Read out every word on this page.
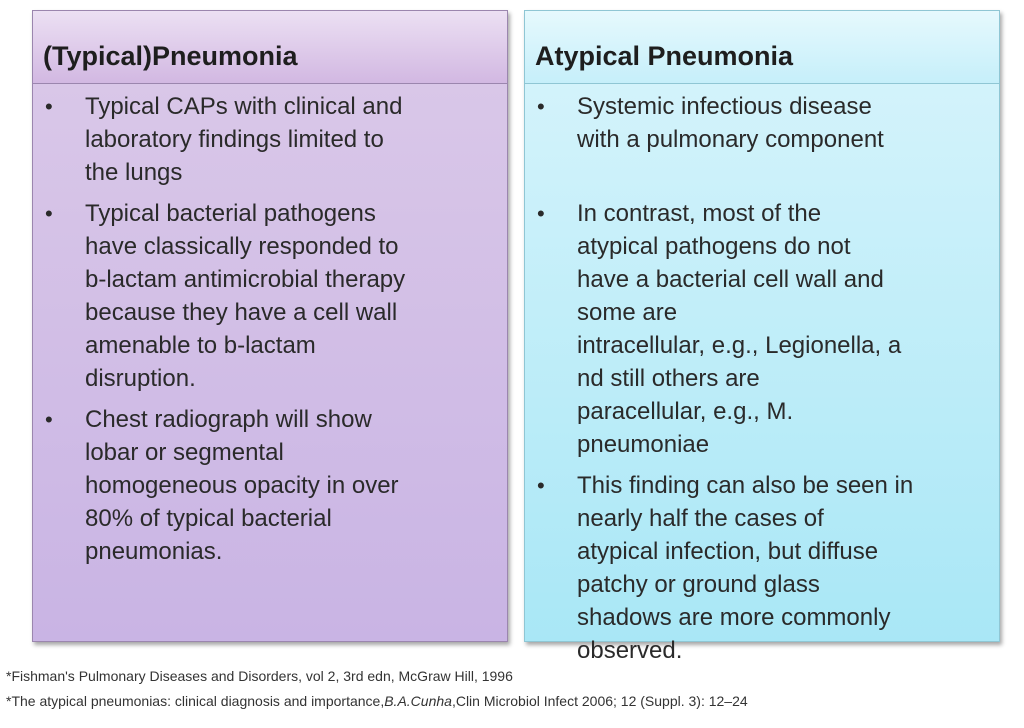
(Typical)Pneumonia
• Typical CAPs with clinical and
laboratory findings limited to
the lungs
• Typical bacterial pathogens
have classically responded to
b-lactam antimicrobial therapy
because they have a cell wall
amenable to b-lactam
disruption.
• Chest radiograph will show
lobar or segmental
homogeneous opacity in over
80% of typical bacterial
pneumonias.
Atypical Pneumonia
• Systemic infectious disease
with a pulmonary component

• In contrast, most of the
atypical pathogens do not
have a bacterial cell wall and
some are
intracellular, e.g., Legionella, a
nd still others are
paracellular, e.g., M.
pneumoniae
• This finding can also be seen in
nearly half the cases of
atypical infection, but diffuse
patchy or ground glass
shadows are more commonly
observed.
*Fishman's Pulmonary Diseases and Disorders, vol 2, 3rd edn, McGraw Hill, 1996
*The atypical pneumonias: clinical diagnosis and importance,B.A.Cunha,Clin Microbiol Infect 2006; 12 (Suppl. 3): 12–24
